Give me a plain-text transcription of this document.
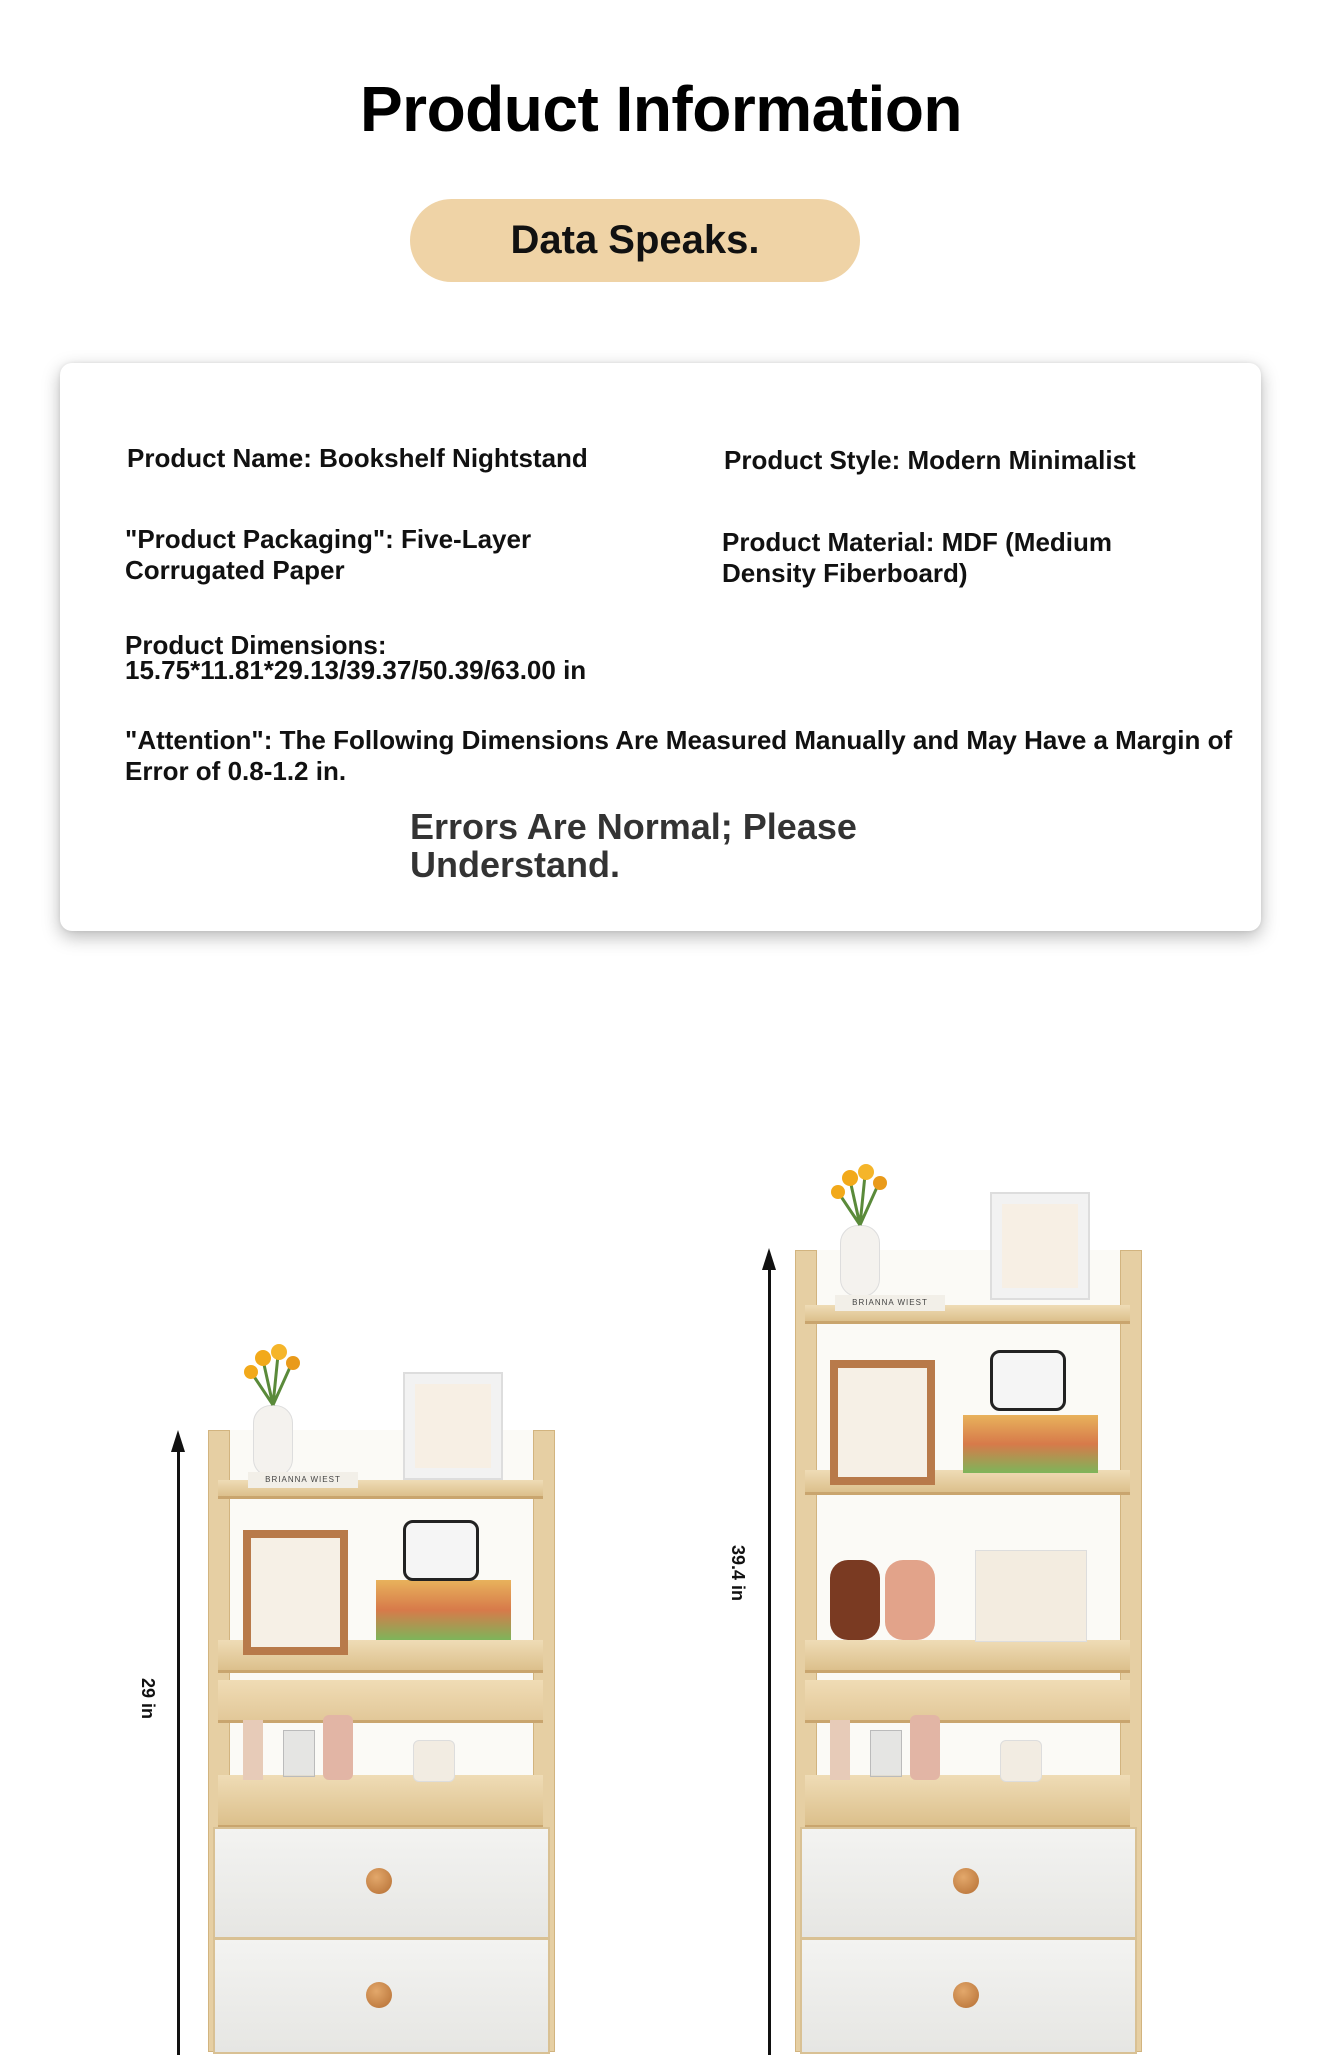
Product Information
Data Speaks.
Product Name: Bookshelf Nightstand	Product Style: Modern Minimalist
"Product Packaging": Five-Layer
Corrugated Paper
Product Material: MDF (Medium
Density Fiberboard)
Product Dimensions:
15.75*11.81*29.13/39.37/50.39/63.00 in
"Attention": The Following Dimensions Are Measured Manually and May Have a Margin of
Error of 0.8-1.2 in.
Errors Are Normal; Please
Understand.
29 in
BRIANNA WIEST
39.4 in
BRIANNA WIEST
